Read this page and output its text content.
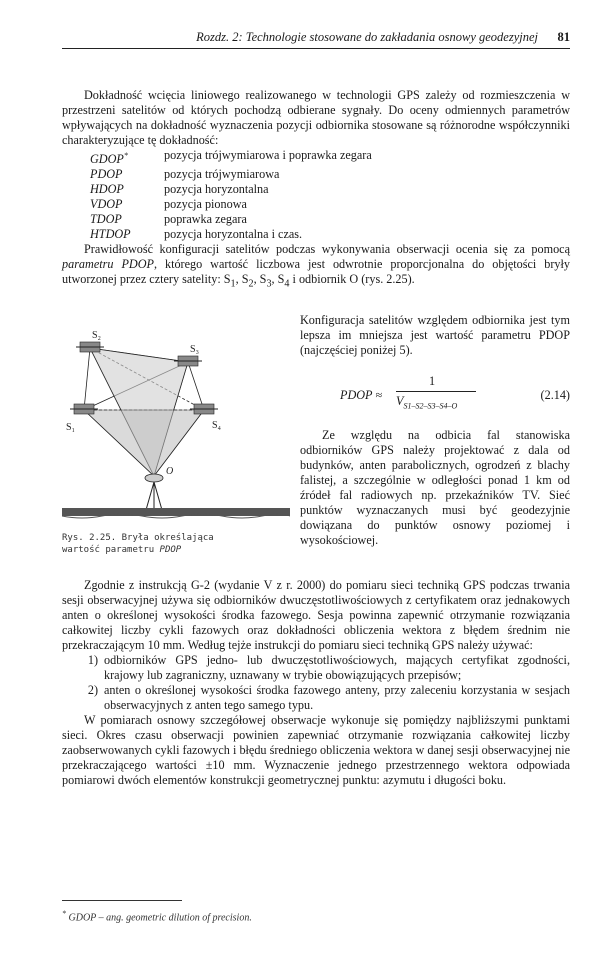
Rozdz. 2: Technologie stosowane do zakładania osnowy geodezyjnej	81

Dokładność wcięcia liniowego realizowanego w technologii GPS zależy od rozmieszczenia w przestrzeni satelitów od których pochodzą odbierane sygnały. Do oceny odmiennych parametrów wpływających na dokładność wyznaczenia pozycji odbiornika stosowane są różnorodne współczynniki charakteryzujące tę dokładność:

GDOP*	pozycja trójwymiarowa i poprawka zegara
PDOP	pozycja trójwymiarowa
HDOP	pozycja horyzontalna
VDOP	pozycja pionowa
TDOP	poprawka zegara
HTDOP	pozycja horyzontalna i czas.

Prawidłowość konfiguracji satelitów podczas wykonywania obserwacji ocenia się za pomocą parametru PDOP, którego wartość liczbowa jest odwrotnie proporcjonalna do objętości bryły utworzonej przez cztery satelity: $S_1$, $S_2$, $S_3$, $S_4$ i odbiornik O (rys. 2.25).

Konfiguracja satelitów względem odbiornika jest tym lepsza im mniejsza jest wartość parametru PDOP (najczęściej poniżej 5).

PDOP ≈
1
$V_{S1-S2-S3-S4-O}$
(2.14)

Ze względu na odbicia fal stanowiska odbiorników GPS należy projektować z dala od budynków, anten parabolicznych, ogrodzeń z blachy falistej, a szczególnie w odległości ponad 1 km od źródeł fal radiowych np. przekaźników TV. Sieć punktów wyznaczanych musi być geodezyjnie dowiązana do punktów osnowy poziomej i wysokościowej.

S₂
S₃
S₁	S₄
O
Rys. 2.25. Bryła określająca wartość parametru PDOP

Zgodnie z instrukcją G-2 (wydanie V z r. 2000) do pomiaru sieci techniką GPS podczas trwania sesji obserwacyjnej używa się odbiorników dwuczęstotliwościowych z certyfikatem oraz jednakowych anten o określonej wysokości środka fazowego. Sesja powinna zapewnić otrzymanie rozwiązania całkowitej liczby cykli fazowych oraz dokładności obliczenia wektora z błędem średnim nie przekraczającym 10 mm. Według tejże instrukcji do pomiaru sieci techniką GPS należy używać:

1) odbiorników GPS jedno- lub dwuczęstotliwościowych, mających certyfikat zgodności, krajowy lub zagraniczny, uznawany w trybie obowiązujących przepisów;
2) anten o określonej wysokości środka fazowego anteny, przy zaleceniu korzystania w sesjach obserwacyjnych z anten tego samego typu.

W pomiarach osnowy szczegółowej obserwacje wykonuje się pomiędzy najbliższymi punktami sieci. Okres czasu obserwacji powinien zapewniać otrzymanie rozwiązania całkowitej liczby zaobserwowanych cykli fazowych i błędu średniego obliczenia wektora w danej sesji obserwacyjnej nie przekraczającego wartości ±10 mm. Wyznaczenie jednego przestrzennego wektora odpowiada pomiarowi dwóch elementów konstrukcji geometrycznej punktu: azymutu i długości boku.

* GDOP – ang. geometric dilution of precision.
